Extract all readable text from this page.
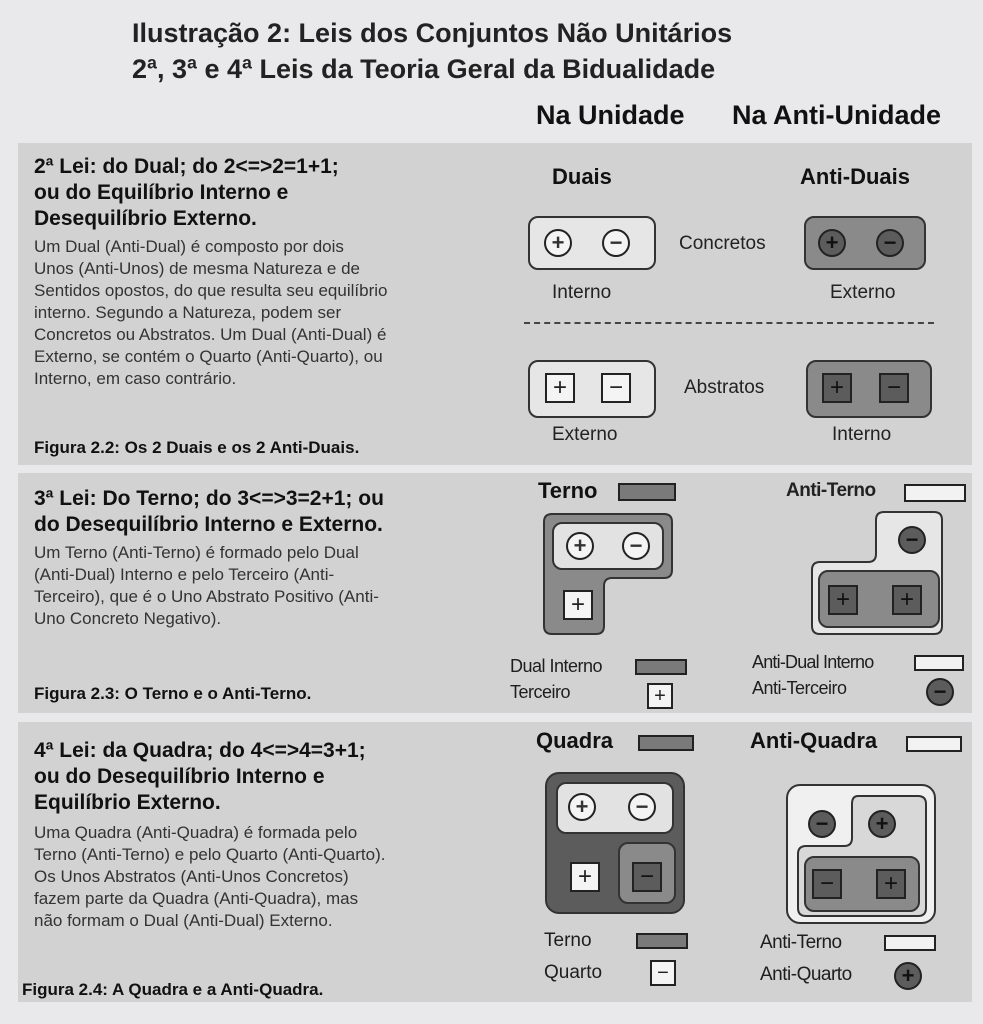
Ilustração 2: Leis dos Conjuntos Não Unitários
2ª, 3ª e 4ª Leis da Teoria Geral da Bidualidade
Na Unidade Na Anti-Unidade
2ª Lei: do Dual; do 2<=>2=1+1;
ou do Equilíbrio Interno e
Desequilíbrio Externo.
Um Dual (Anti-Dual) é composto por dois
Unos (Anti-Unos) de mesma Natureza e de
Sentidos opostos, do que resulta seu equilíbrio
interno. Segundo a Natureza, podem ser
Concretos ou Abstratos. Um Dual (Anti-Dual) é
Externo, se contém o Quarto (Anti-Quarto), ou
Interno, em caso contrário.
Figura 2.2: Os 2 Duais e os 2 Anti-Duais.
Duais	Anti-Duais
+ −
Interno
Concretos	+ −
Externo
+ −
Externo
Abstratos	+ −
Interno
3ª Lei: Do Terno; do 3<=>3=2+1; ou
do Desequilíbrio Interno e Externo.
Um Terno (Anti-Terno) é formado pelo Dual
(Anti-Dual) Interno e pelo Terceiro (Anti-
Terceiro), que é o Uno Abstrato Positivo (Anti-
Uno Concreto Negativo).
Figura 2.3: O Terno e o Anti-Terno.
Terno	Anti-Terno
+ −
+
−
+ +
Dual Interno
Terceiro	+
Anti-Dual Interno
Anti-Terceiro	−
4ª Lei: da Quadra; do 4<=>4=3+1;
ou do Desequilíbrio Interno e
Equilíbrio Externo.
Uma Quadra (Anti-Quadra) é formada pelo
Terno (Anti-Terno) e pelo Quarto (Anti-Quarto).
Os Unos Abstratos (Anti-Unos Concretos)
fazem parte da Quadra (Anti-Quadra), mas
não formam o Dual (Anti-Dual) Externo.
Figura 2.4: A Quadra e a Anti-Quadra.
Quadra	Anti-Quadra
+ −
+ −
− +
− +
Terno
Quarto	−
Anti-Terno
Anti-Quarto +
